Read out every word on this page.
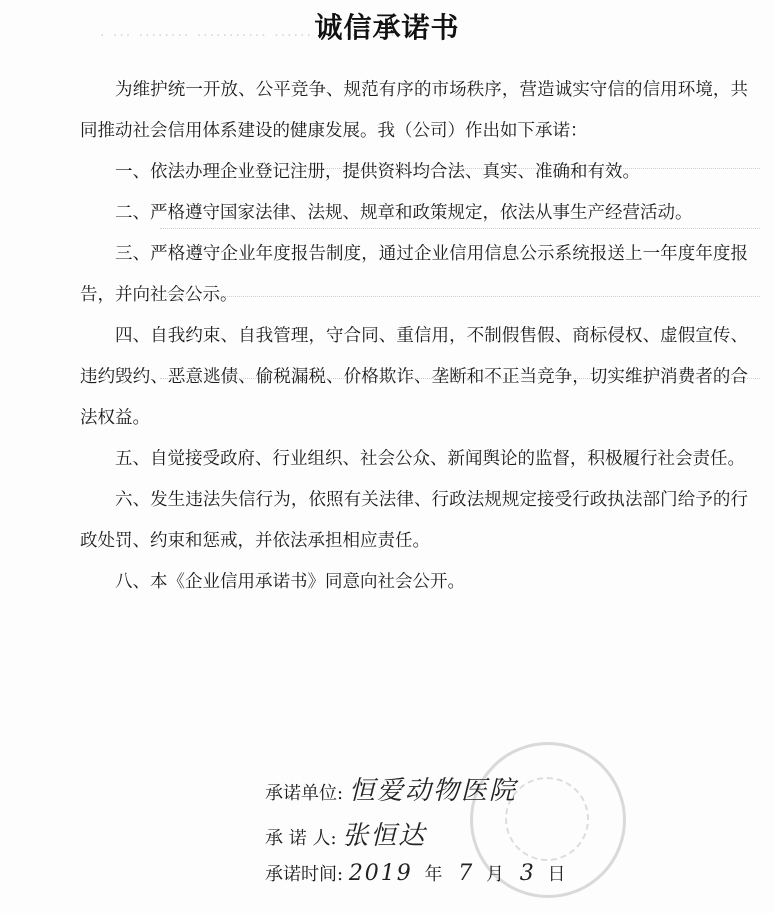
··· ········ ······ ··········· ········ ··· ·
诚信承诺书

为维护统一开放、公平竞争、规范有序的市场秩序，营造诚实守信的信用环境，共同推动社会信用体系建设的健康发展。我（公司）作出如下承诺：

一、依法办理企业登记注册，提供资料均合法、真实、准确和有效。

二、严格遵守国家法律、法规、规章和政策规定，依法从事生产经营活动。

三、严格遵守企业年度报告制度，通过企业信用信息公示系统报送上一年度年度报告，并向社会公示。

四、自我约束、自我管理，守合同、重信用，不制假售假、商标侵权、虚假宣传、违约毁约、恶意逃债、偷税漏税、价格欺诈、垄断和不正当竞争，切实维护消费者的合法权益。

五、自觉接受政府、行业组织、社会公众、新闻舆论的监督，积极履行社会责任。

六、发生违法失信行为，依照有关法律、行政法规规定接受行政执法部门给予的行政处罚、约束和惩戒，并依法承担相应责任。

八、本《企业信用承诺书》同意向社会公开。

承诺单位: 恒爱动物医院
承 诺 人: 张恒达
承诺时间: 2019 年 7 月 3 日
